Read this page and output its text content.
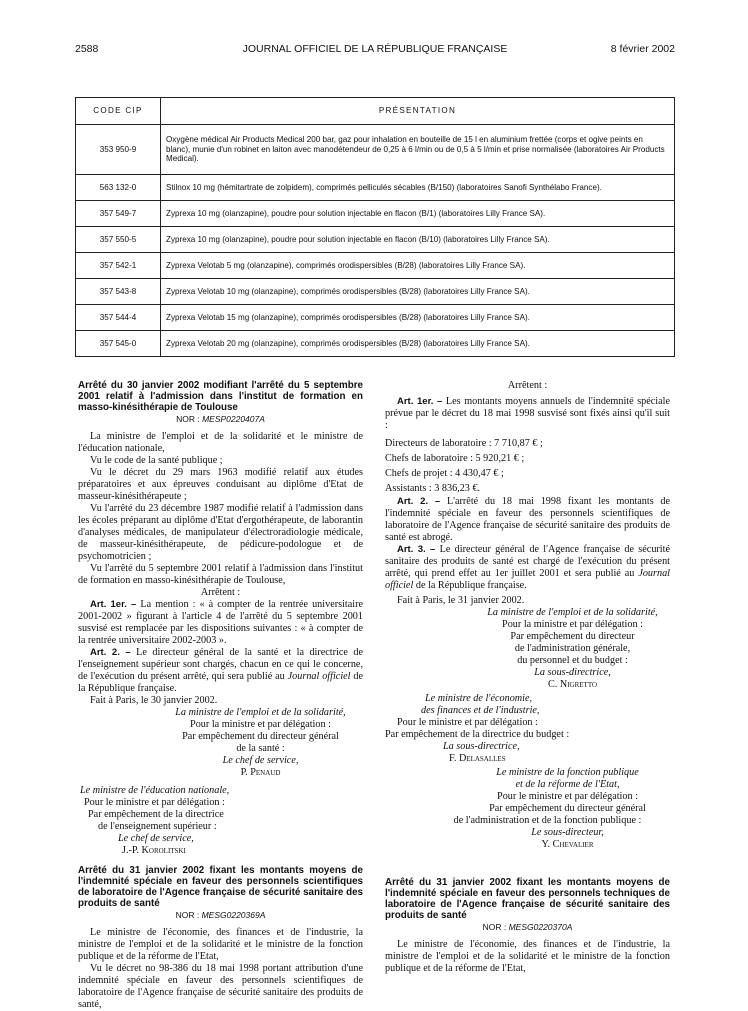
2588	JOURNAL OFFICIEL DE LA RÉPUBLIQUE FRANÇAISE	8 février 2002
CODE CIP	PRÉSENTATION
353 950-9	Oxygène médical Air Products Medical 200 bar, gaz pour inhalation en bouteille de 15 l en aluminium frettée (corps et ogive peints en blanc), munie d'un robinet en laiton avec manodétendeur de 0,25 à 6 l/min ou de 0,5 à 5 l/min et prise normalisée (laboratoires Air Products Medical).
563 132-0	Stilnox 10 mg (hémitartrate de zolpidem), comprimés pelliculés sécables (B/150) (laboratoires Sanofi Synthélabo France).
357 549-7	Zyprexa 10 mg (olanzapine), poudre pour solution injectable en flacon (B/1) (laboratoires Lilly France SA).
357 550-5	Zyprexa 10 mg (olanzapine), poudre pour solution injectable en flacon (B/10) (laboratoires Lilly France SA).
357 542-1	Zyprexa Velotab 5 mg (olanzapine), comprimés orodispersibles (B/28) (laboratoires Lilly France SA).
357 543-8	Zyprexa Velotab 10 mg (olanzapine), comprimés orodispersibles (B/28) (laboratoires Lilly France SA).
357 544-4	Zyprexa Velotab 15 mg (olanzapine), comprimés orodispersibles (B/28) (laboratoires Lilly France SA).
357 545-0	Zyprexa Velotab 20 mg (olanzapine), comprimés orodispersibles (B/28) (laboratoires Lilly France SA).
Arrêté du 30 janvier 2002 modifiant l'arrêté du 5 septembre 2001 relatif à l'admission dans l'institut de formation en masso-kinésithérapie de Toulouse
NOR : MESP0220407A

La ministre de l'emploi et de la solidarité et le ministre de l'éducation nationale,

Vu le code de la santé publique ;

Vu le décret du 29 mars 1963 modifié relatif aux études préparatoires et aux épreuves conduisant au diplôme d'Etat de masseur-kinésithérapeute ;

Vu l'arrêté du 23 décembre 1987 modifié relatif à l'admission dans les écoles préparant au diplôme d'Etat d'ergothérapeute, de laborantin d'analyses médicales, de manipulateur d'électroradiologie médicale, de masseur-kinésithérapeute, de pédicure-podologue et de psychomotricien ;

Vu l'arrêté du 5 septembre 2001 relatif à l'admission dans l'institut de formation en masso-kinésithérapie de Toulouse,

Arrêtent :

Art. 1er. – La mention : « à compter de la rentrée universitaire 2001-2002 » figurant à l'article 4 de l'arrêté du 5 septembre 2001 susvisé est remplacée par les dispositions suivantes : « à compter de la rentrée universitaire 2002-2003 ».

Art. 2. – Le directeur général de la santé et la directrice de l'enseignement supérieur sont chargés, chacun en ce qui le concerne, de l'exécution du présent arrêté, qui sera publié au Journal officiel de la République française.

Fait à Paris, le 30 janvier 2002.

La ministre de l'emploi et de la solidarité,
Pour la ministre et par délégation :
Par empêchement du directeur général
de la santé :
Le chef de service,
P. Penaud
Le ministre de l'éducation nationale,
Pour le ministre et par délégation :
Par empêchement de la directrice
de l'enseignement supérieur :
Le chef de service,
J.-P. Korolitski
Arrêté du 31 janvier 2002 fixant les montants moyens de l'indemnité spéciale en faveur des personnels scientifiques de laboratoire de l'Agence française de sécurité sanitaire des produits de santé
NOR : MESG0220369A

Le ministre de l'économie, des finances et de l'industrie, la ministre de l'emploi et de la solidarité et le ministre de la fonction publique et de la réforme de l'Etat,

Vu le décret no 98-386 du 18 mai 1998 portant attribution d'une indemnité spéciale en faveur des personnels scientifiques de laboratoire de l'Agence française de sécurité sanitaire des produits de santé,

Arrêtent :

Art. 1er. – Les montants moyens annuels de l'indemnité spéciale prévue par le décret du 18 mai 1998 susvisé sont fixés ainsi qu'il suit :

Directeurs de laboratoire : 7 710,87 € ;

Chefs de laboratoire : 5 920,21 € ;

Chefs de projet : 4 430,47 € ;

Assistants : 3 836,23 €.

Art. 2. – L'arrêté du 18 mai 1998 fixant les montants de l'indemnité spéciale en faveur des personnels scientifiques de laboratoire de l'Agence française de sécurité sanitaire des produits de santé est abrogé.

Art. 3. – Le directeur général de l'Agence française de sécurité sanitaire des produits de santé est chargé de l'exécution du présent arrêté, qui prend effet au 1er juillet 2001 et sera publié au Journal officiel de la République française.

Fait à Paris, le 31 janvier 2002.

La ministre de l'emploi et de la solidarité,
Pour la ministre et par délégation :
Par empêchement du directeur
de l'administration générale,
du personnel et du budget :
La sous-directrice,
C. Nigretto
Le ministre de l'économie,
des finances et de l'industrie,
Pour le ministre et par délégation :
Par empêchement de la directrice du budget :
La sous-directrice,
F. Delasalles
Le ministre de la fonction publique
et de la réforme de l'Etat,
Pour le ministre et par délégation :
Par empêchement du directeur général
de l'administration et de la fonction publique :
Le sous-directeur,
Y. Chevalier
Arrêté du 31 janvier 2002 fixant les montants moyens de l'indemnité spéciale en faveur des personnels techniques de laboratoire de l'Agence française de sécurité sanitaire des produits de santé
NOR : MESG0220370A

Le ministre de l'économie, des finances et de l'industrie, la ministre de l'emploi et de la solidarité et le ministre de la fonction publique et de la réforme de l'Etat,
